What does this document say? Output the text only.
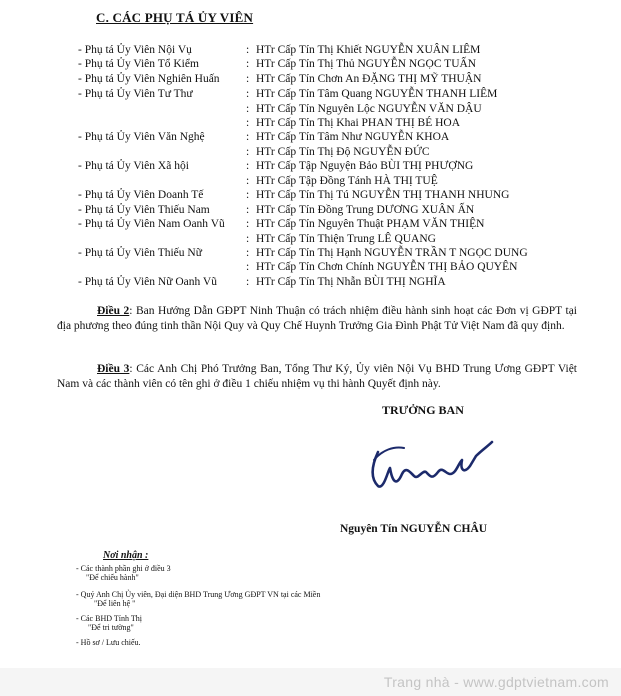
C. CÁC PHỤ TÁ ỦY VIÊN
- Phụ tá Ủy Viên Nội Vụ	: HTr Cấp Tín Thị Khiết NGUYỄN XUÂN LIÊM
- Phụ tá Ủy Viên Tổ Kiểm	: HTr Cấp Tín Thị Thủ NGUYỄN NGỌC TUẤN
- Phụ tá Ủy Viên Nghiên Huấn	: HTr Cấp Tín Chơn An ĐẶNG THỊ MỸ THUẬN
- Phụ tá Ủy Viên Tư Thư	: HTr Cấp Tín Tâm Quang NGUYỄN THANH LIÊM
: HTr Cấp Tín Nguyên Lộc NGUYỄN VĂN DẬU
: HTr Cấp Tín Thị Khai PHAN THỊ BÉ HOA
- Phụ tá Ủy Viên Văn Nghệ	: HTr Cấp Tín Tâm Như NGUYỄN KHOA
: HTr Cấp Tín Thị Độ NGUYỄN ĐỨC
- Phụ tá Ủy Viên Xã hội	: HTr Cấp Tập Nguyện Bảo BÙI THỊ PHƯỢNG
: HTr Cấp Tập Đồng Tánh HÀ THỊ TUỆ
- Phụ tá Ủy Viên Doanh Tế	: HTr Cấp Tín Thị Tú NGUYỄN THỊ THANH NHUNG
- Phụ tá Ủy Viên Thiếu Nam	: HTr Cấp Tín Đồng Trung DƯƠNG XUÂN ẤN
- Phụ tá Ủy Viên Nam Oanh Vũ	: HTr Cấp Tín Nguyên Thuật PHẠM VĂN THIỆN
: HTr Cấp Tín Thiện Trung LÊ QUANG
- Phụ tá Ủy Viên Thiếu Nữ	: HTr Cấp Tín Thị Hạnh NGUYỄN TRẦN T NGỌC DUNG
: HTr Cấp Tín Chơn Chính NGUYỄN THỊ BẢO QUYÊN
- Phụ tá Ủy Viên Nữ Oanh Vũ	: HTr Cấp Tín Thị Nhẫn BÙI THỊ NGHĨA
Điều 2: Ban Hướng Dẫn GĐPT Ninh Thuận có trách nhiệm điều hành sinh hoạt các Đơn vị GĐPT tại địa phương theo đúng tinh thần Nội Quy và Quy Chế Huynh Trưởng Gia Đình Phật Tử Việt Nam đã quy định.
Điều 3: Các Anh Chị Phó Trưởng Ban, Tổng Thư Ký, Ủy viên Nội Vụ BHD Trung Ương GĐPT Việt Nam và các thành viên có tên ghi ở điều 1 chiếu nhiệm vụ thi hành Quyết định này.
TRƯỞNG BAN
Nguyên Tín NGUYỄN CHÂU
Nơi nhận :
- Các thành phần ghi ở điều 3
"Để chiếu hành"
- Quý Anh Chị Ủy viên, Đại diện BHD Trung Ương GĐPT VN tại các Miền
"Để liên hệ "
- Các BHD Tỉnh Thị
"Để tri tường"
- Hồ sơ / Lưu chiếu.
Trang nhà - www.gdptvietnam.com
